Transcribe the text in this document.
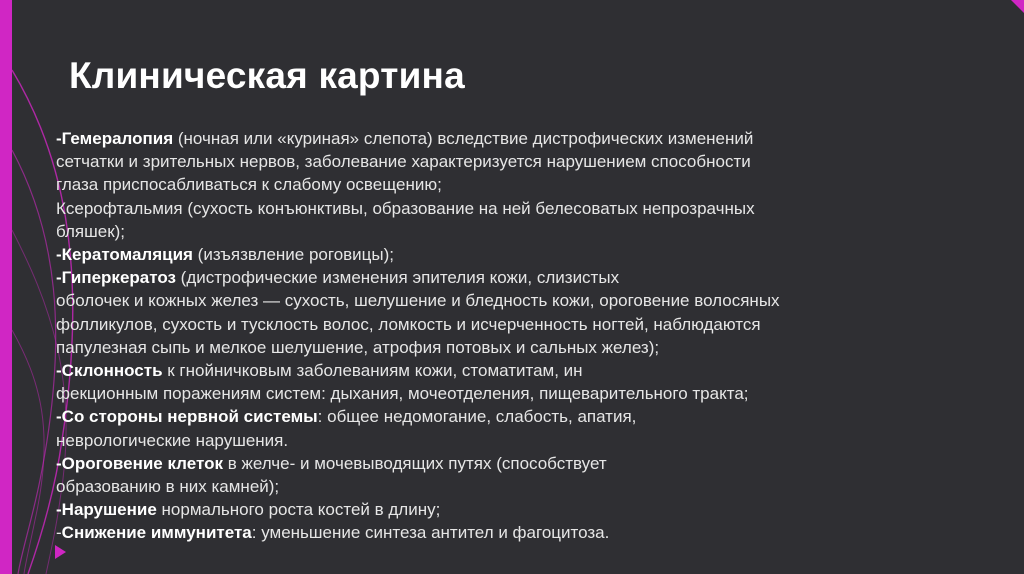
Клиническая картина
-Гемералопия (ночная или «куриная» слепота) вследствие дистрофических изменений
сетчатки и зрительных нервов, заболевание характеризуется нарушением способности
глаза приспосабливаться к слабому освещению;
Ксерофтальмия (сухость конъюнктивы, образование на ней белесоватых непрозрачных
бляшек);
-Кератомаляция (изъязвление роговицы);
-Гиперкератоз (дистрофические изменения эпителия кожи, слизистых
оболочек и кожных желез — сухость, шелушение и бледность кожи, ороговение волосяных
фолликулов, сухость и тусклость волос, ломкость и исчерченность ногтей, наблюдаются
папулезная сыпь и мелкое шелушение, атрофия потовых и сальных желез);
-Склонность к гнойничковым заболеваниям кожи, стоматитам, ин
фекционным поражениям систем: дыхания, мочеотделения, пищеварительного тракта;
-Со стороны нервной системы: общее недомогание, слабость, апатия,
неврологические нарушения.
-Ороговение клеток в желче- и мочевыводящих путях (способствует
образованию в них камней);
-Нарушение нормального роста костей в длину;
-Снижение иммунитета: уменьшение синтеза антител и фагоцитоза.
